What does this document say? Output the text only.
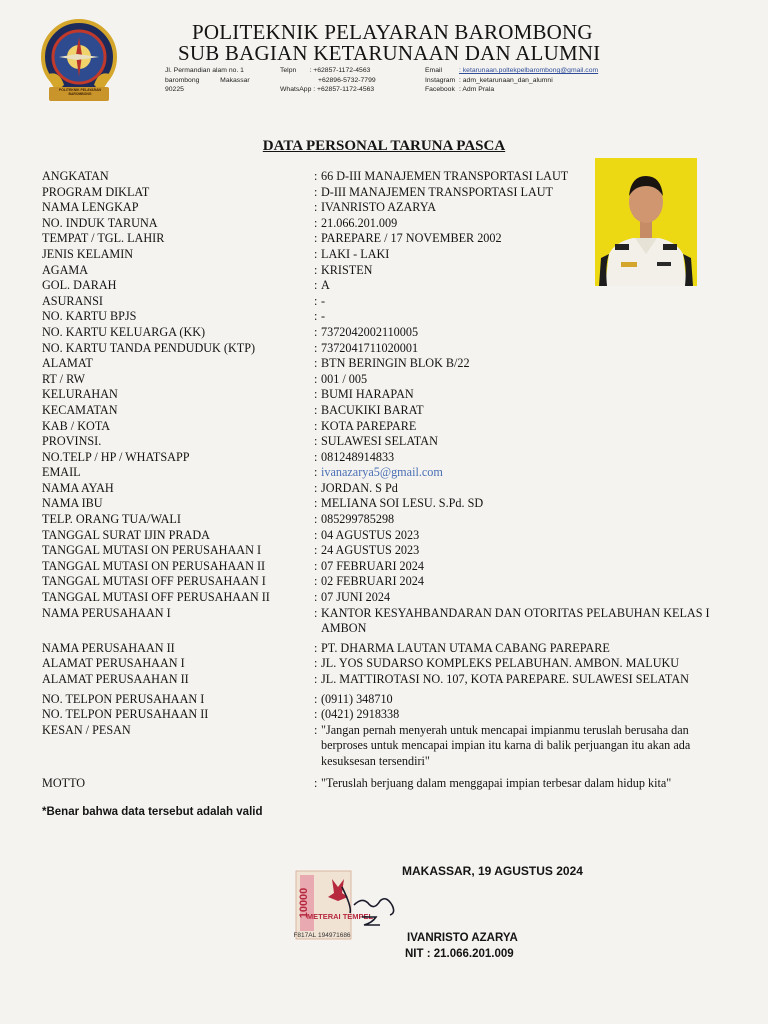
POLITEKNIK PELAYARAN BAROMBONG
POLITEKNIK PELAYARAN BAROMBONG
SUB BAGIAN KETARUNAAN DAN ALUMNI
Jl. Permandian alam no. 1
barombong	Makassar
90225
Telpn : +62857-1172-4563
+62896-5732-7799
WhatsApp : +62857-1172-4563
Email	: ketarunaan.poltekpelbarombong@gmail.com
Instagram : adm_ketarunaan_dan_alumni
Facebook : Adm Prala
DATA PERSONAL TARUNA PASCA
ANGKATAN	: 66 D-III MANAJEMEN TRANSPORTASI LAUT
PROGRAM DIKLAT	: D-III MANAJEMEN TRANSPORTASI LAUT
NAMA LENGKAP	: IVANRISTO AZARYA
NO. INDUK TARUNA	: 21.066.201.009
TEMPAT / TGL. LAHIR	: PAREPARE / 17 NOVEMBER 2002
JENIS KELAMIN	: LAKI - LAKI
AGAMA	: KRISTEN
GOL. DARAH	: A
ASURANSI	: -
NO. KARTU BPJS	: -
NO. KARTU KELUARGA (KK)	: 7372042002110005
NO. KARTU TANDA PENDUDUK (KTP)	: 7372041711020001
ALAMAT	: BTN BERINGIN BLOK B/22
RT / RW	: 001 / 005
KELURAHAN	: BUMI HARAPAN
KECAMATAN	: BACUKIKI BARAT
KAB / KOTA	: KOTA PAREPARE
PROVINSI.	: SULAWESI SELATAN
NO.TELP / HP / WHATSAPP	: 081248914833
EMAIL	: ivanazarya5@gmail.com
NAMA AYAH	: JORDAN. S Pd
NAMA IBU	: MELIANA SOI LESU. S.Pd. SD
TELP. ORANG TUA/WALI	: 085299785298
TANGGAL SURAT IJIN PRADA	: 04 AGUSTUS 2023
TANGGAL MUTASI ON PERUSAHAAN I	: 24 AGUSTUS 2023
TANGGAL MUTASI ON PERUSAHAAN II	: 07 FEBRUARI 2024
TANGGAL MUTASI OFF PERUSAHAAN I	: 02 FEBRUARI 2024
TANGGAL MUTASI OFF PERUSAHAAN II	: 07 JUNI 2024
NAMA PERUSAHAAN I	: KANTOR KESYAHBANDARAN DAN OTORITAS PELABUHAN KELAS I AMBON
NAMA PERUSAHAAN II	: PT. DHARMA LAUTAN UTAMA CABANG PAREPARE
ALAMAT PERUSAHAAN I	: JL. YOS SUDARSO KOMPLEKS PELABUHAN. AMBON. MALUKU
ALAMAT PERUSAAHAN II	: JL. MATTIROTASI NO. 107, KOTA PAREPARE. SULAWESI SELATAN
NO. TELPON PERUSAHAAN I	: (0911) 348710
NO. TELPON PERUSAHAAN II	: (0421) 2918338
KESAN / PESAN	: "Jangan pernah menyerah untuk mencapai impianmu teruslah berusaha dan berproses untuk mencapai impian itu karna di balik perjuangan itu akan ada kesuksesan tersendiri"
MOTTO	: "Teruslah berjuang dalam menggapai impian terbesar dalam hidup kita"
*Benar bahwa data tersebut adalah valid
10000
METERAI TEMPEL
F817AL 194971686
MAKASSAR, 19 AGUSTUS 2024
IVANRISTO AZARYA
NIT : 21.066.201.009
